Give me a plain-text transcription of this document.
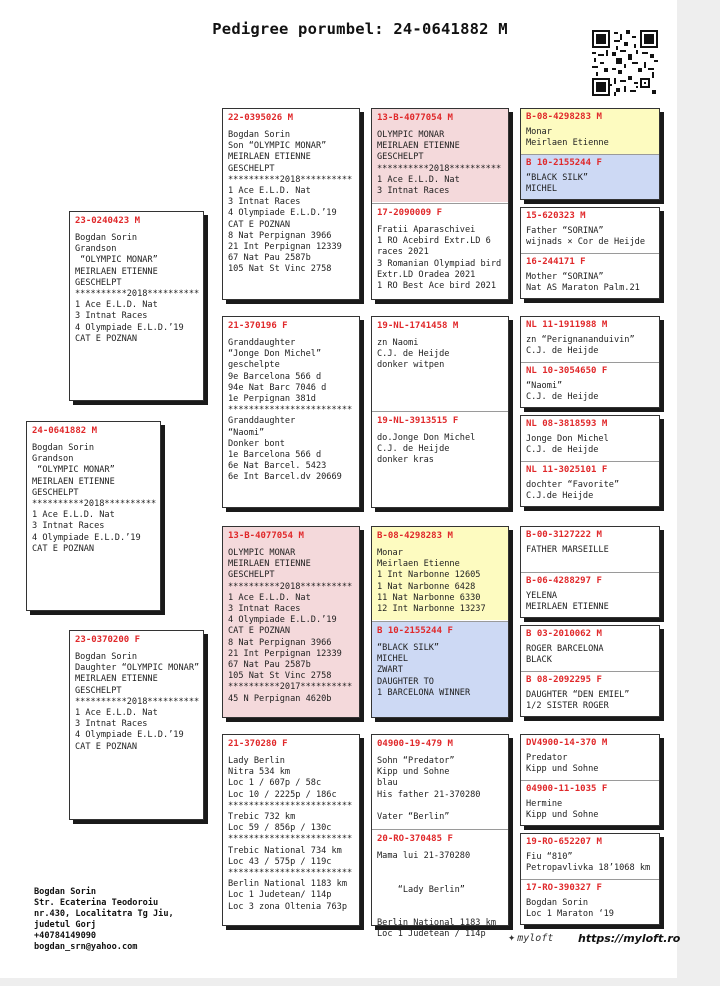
Pedigree porumbel: 24-0641882 M
24-0641882 M
Bogdan Sorin
Grandson
“OLYMPIC MONAR”
MEIRLAEN ETIENNE
GESCHELPT
**********2018**********
1 Ace E.L.D. Nat
3 Intnat Races
4 Olympiade E.L.D.’19
CAT E POZNAN
23-0240423 M
Bogdan Sorin
Grandson
“OLYMPIC MONAR”
MEIRLAEN ETIENNE
GESCHELPT
**********2018**********
1 Ace E.L.D. Nat
3 Intnat Races
4 Olympiade E.L.D.’19
CAT E POZNAN
23-0370200 F
Bogdan Sorin
Daughter “OLYMPIC MONAR”
MEIRLAEN ETIENNE
GESCHELPT
**********2018**********
1 Ace E.L.D. Nat
3 Intnat Races
4 Olympiade E.L.D.’19
CAT E POZNAN
22-0395026 M
Bogdan Sorin
Son “OLYMPIC MONAR”
MEIRLAEN ETIENNE
GESCHELPT
**********2018**********
1 Ace E.L.D. Nat
3 Intnat Races
4 Olympiade E.L.D.’19
CAT E POZNAN
8 Nat Perpignan 3966
21 Int Perpignan 12339
67 Nat Pau 2587b
105 Nat St Vinc 2758
21-370196 F
Granddaughter
“Jonge Don Michel”
geschelpte
9e Barcelona 566 d
94e Nat Barc 7046 d
1e Perpignan 381d
************************
Granddaughter
“Naomi”
Donker bont
1e Barcelona 566 d
6e Nat Barcel. 5423
6e Int Barcel.dv 20669
13-B-4077054 M
OLYMPIC MONAR
MEIRLAEN ETIENNE
GESCHELPT
**********2018**********
1 Ace E.L.D. Nat
3 Intnat Races
4 Olympiade E.L.D.’19
CAT E POZNAN
8 Nat Perpignan 3966
21 Int Perpignan 12339
67 Nat Pau 2587b
105 Nat St Vinc 2758
**********2017**********
45 N Perpignan 4620b
21-370280 F
Lady Berlin
Nitra 534 km
Loc 1 / 607p / 58c
Loc 10 / 2225p / 186c
************************
Trebic 732 km
Loc 59 / 856p / 130c
************************
Trebic National 734 km
Loc 43 / 575p / 119c
************************
Berlin National 1183 km
Loc 1 Judetean/ 114p
Loc 3 zona Oltenia 763p
13-B-4077054 M
OLYMPIC MONAR
MEIRLAEN ETIENNE
GESCHELPT
**********2018**********
1 Ace E.L.D. Nat
3 Intnat Races
17-2090009 F
Fratii Aparaschivei
1 RO Acebird Extr.LD 6
races 2021
3 Romanian Olympiad bird
Extr.LD Oradea 2021
1 RO Best Ace bird 2021
19-NL-1741458 M
zn Naomi
C.J. de Heijde
donker witpen
19-NL-3913515 F
do.Jonge Don Michel
C.J. de Heijde
donker kras
B-08-4298283 M
Monar
Meirlaen Etienne
1 Int Narbonne 12605
1 Nat Narbonne 6428
11 Nat Narbonne 6330
12 Int Narbonne 13237
B 10-2155244 F
“BLACK SILK”
MICHEL
ZWART
DAUGHTER TO
1 BARCELONA WINNER
04900-19-479 M
Sohn “Predator”
Kipp und Sohne
blau
His father 21-370280

Vater “Berlin”
20-RO-370485 F
Mama lui 21-370280

“Lady Berlin”

Berlin National 1183 km
Loc 1 Judetean / 114p
B-08-4298283 M
Monar
Meirlaen Etienne
B 10-2155244 F
“BLACK SILK”
MICHEL
15-620323 M
Father “SORINA”
wijnads × Cor de Heijde
16-244171 F
Mother “SORINA”
Nat AS Maraton Palm.21
NL 11-1911988 M
zn “Perignananduivin”
C.J. de Heijde
NL 10-3054650 F
“Naomi”
C.J. de Heijde
NL 08-3818593 M
Jonge Don Michel
C.J. de Heijde
NL 11-3025101 F
dochter “Favorite”
C.J.de Heijde
B-00-3127222 M
FATHER MARSEILLE
B-06-4288297 F
YELENA
MEIRLAEN ETIENNE
B 03-2010062 M
ROGER BARCELONA
BLACK
B 08-2092295 F
DAUGHTER “DEN EMIEL”
1/2 SISTER ROGER
DV4900-14-370 M
Predator
Kipp und Sohne
04900-11-1035 F
Hermine
Kipp und Sohne
19-RO-652207 M
Fiu “810”
Petropavlivka 18’1068 km
17-RO-390327 F
Bogdan Sorin
Loc 1 Maraton ‘19
Bogdan Sorin
Str. Ecaterina Teodoroiu
nr.430, Localitatra Tg Jiu,
judetul Gorj
+40784149090
bogdan_srn@yahoo.com
✦ myloft https://myloft.ro
